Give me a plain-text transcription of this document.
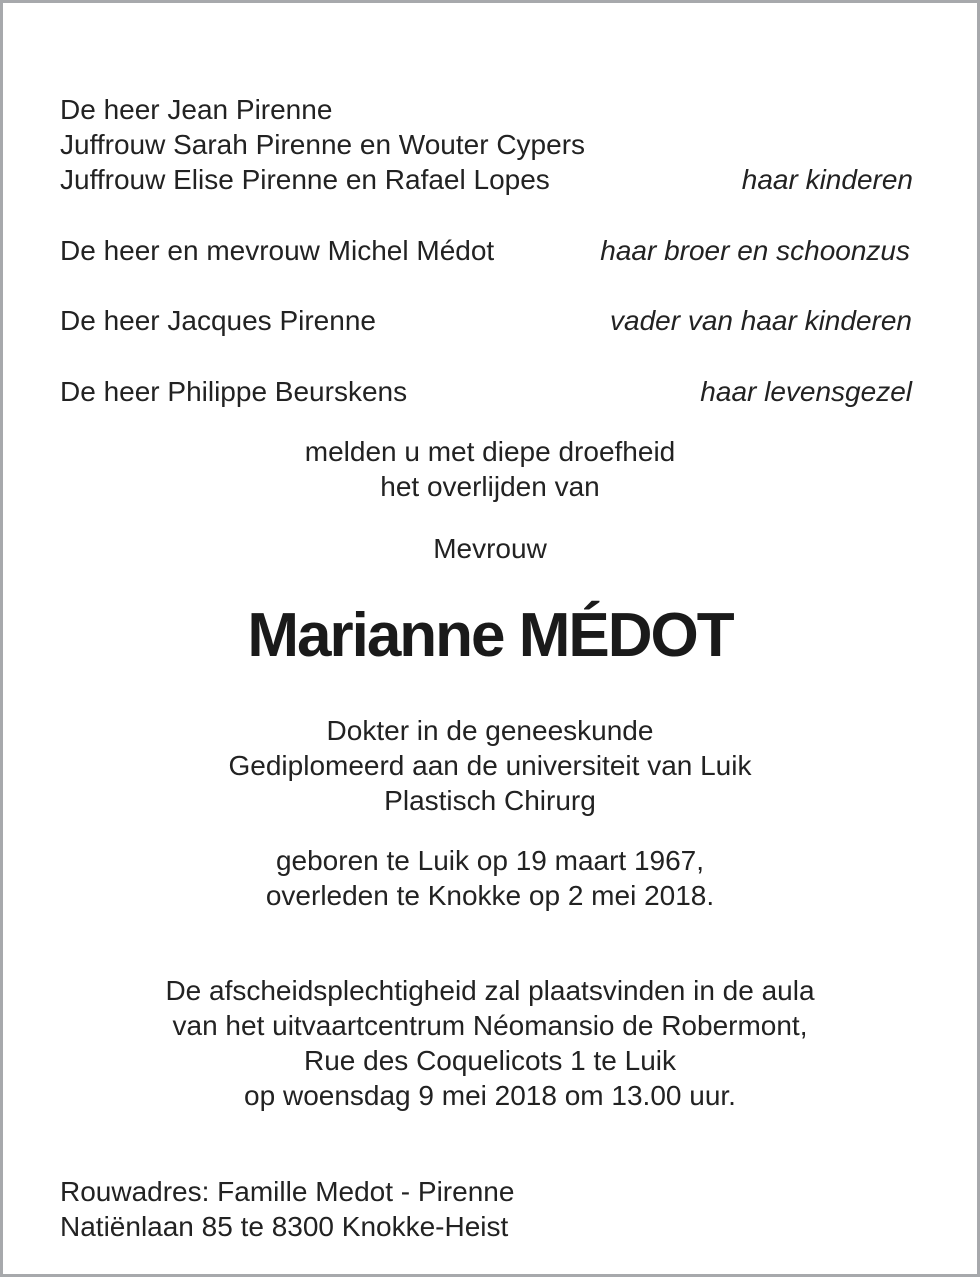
De heer Jean Pirenne
Juffrouw Sarah Pirenne en Wouter Cypers
Juffrouw Elise Pirenne en Rafael Lopes	haar kinderen
De heer en mevrouw Michel Médot	haar broer en schoonzus
De heer Jacques Pirenne	vader van haar kinderen
De heer Philippe Beurskens	haar levensgezel
melden u met diepe droefheid
het overlijden van
Mevrouw
Marianne MÉDOT
Dokter in de geneeskunde
Gediplomeerd aan de universiteit van Luik
Plastisch Chirurg
geboren te Luik op 19 maart 1967,
overleden te Knokke op 2 mei 2018.
De afscheidsplechtigheid zal plaatsvinden in de aula
van het uitvaartcentrum Néomansio de Robermont,
Rue des Coquelicots 1 te Luik
op woensdag 9 mei 2018 om 13.00 uur.
Rouwadres: Famille Medot - Pirenne
Natiënlaan 85 te 8300 Knokke-Heist
